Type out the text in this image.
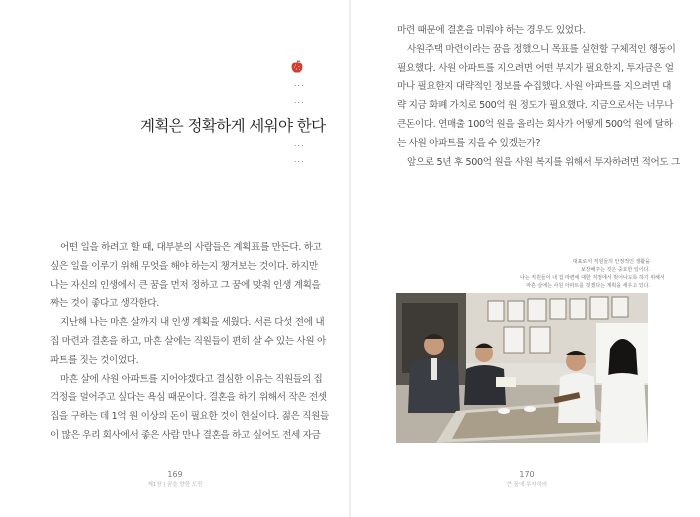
...
...
계획은 정확하게 세워야 한다
...
...

어떤 일을 하려고 할 때, 대부분의 사람들은 계획표를 만든다. 하고

싶은 일을 이루기 위해 무엇을 해야 하는지 챙겨보는 것이다. 하지만

나는 자신의 인생에서 큰 꿈을 먼저 정하고 그 꿈에 맞춰 인생 계획을

짜는 것이 좋다고 생각한다.

지난해 나는 마흔 살까지 내 인생 계획을 세웠다. 서른 다섯 전에 내

집 마련과 결혼을 하고, 마흔 살에는 직원들이 편히 살 수 있는 사원 아

파트를 짓는 것이었다.

마흔 살에 사원 아파트를 지어야겠다고 결심한 이유는 직원들의 집

걱정을 덜어주고 싶다는 욕심 때문이다. 결혼을 하기 위해서 작은 전셋

집을 구하는 데 1억 원 이상의 돈이 필요한 것이 현실이다. 젊은 직원들

이 많은 우리 회사에서 좋은 사람 만나 결혼을 하고 싶어도 전세 자금

169
제1장 | 꿈을 향한 도전

마련 때문에 결혼을 미뤄야 하는 경우도 있었다.

사원주택 마련이라는 꿈을 정했으니 목표를 실현할 구체적인 행동이

필요했다. 사원 아파트를 지으려면 어떤 부지가 필요한지, 투자금은 얼

마나 필요한지 대략적인 정보를 수집했다. 사원 아파트를 지으려면 대

략 지금 화폐 가치로 500억 원 정도가 필요했다. 지금으로서는 너무나

큰돈이다. 연매출 100억 원을 올리는 회사가 어떻게 500억 원에 달하

는 사원 아파트를 지을 수 있겠는가?

앞으로 5년 후 500억 원을 사원 복지를 위해서 투자하려면 적어도 그

대표로서 직원들의 안정적인 생활을

보장해주는 것은 중요한 일이다.

나는 직원들이 내 집 마련에 대한 걱정에서 벗어나도록 하기 위해서

마흔 살에는 사원 아파트를 짓겠다는 계획을 세우고 있다.

170
큰 꿈에 투자하라
